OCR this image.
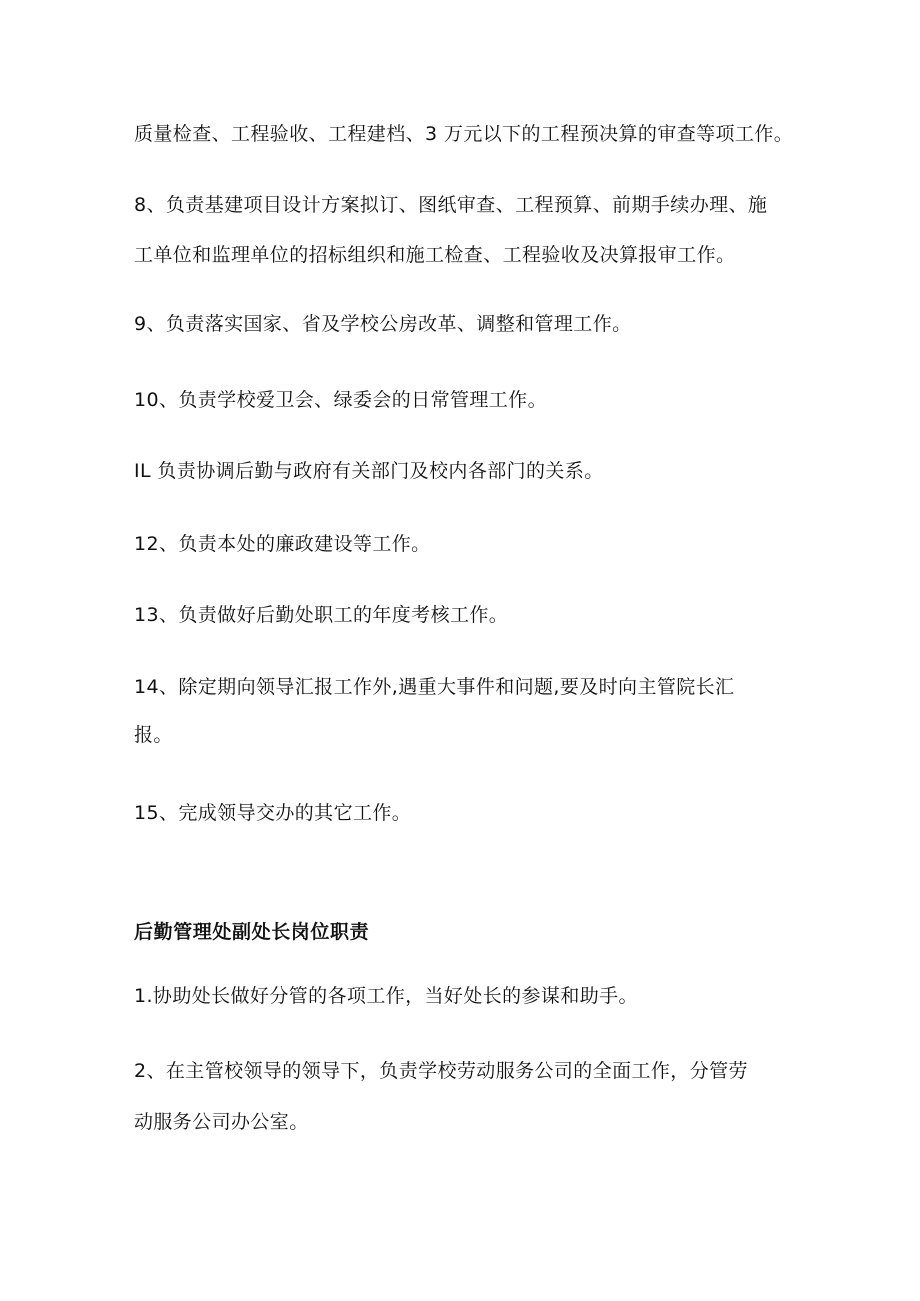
质量检查、工程验收、工程建档、3 万元以下的工程预决算的审查等项工作。
8、负责基建项目设计方案拟订、图纸审查、工程预算、前期手续办理、施
工单位和监理单位的招标组织和施工检查、工程验收及决算报审工作。
9、负责落实国家、省及学校公房改革、调整和管理工作。
10、负责学校爱卫会、绿委会的日常管理工作。
IL 负责协调后勤与政府有关部门及校内各部门的关系。
12、负责本处的廉政建设等工作。
13、负责做好后勤处职工的年度考核工作。
14、除定期向领导汇报工作外,遇重大事件和问题,要及时向主管院长汇
报。
15、完成领导交办的其它工作。
后勤管理处副处长岗位职责
1.协助处长做好分管的各项工作，当好处长的参谋和助手。
2、在主管校领导的领导下，负责学校劳动服务公司的全面工作，分管劳
动服务公司办公室。
